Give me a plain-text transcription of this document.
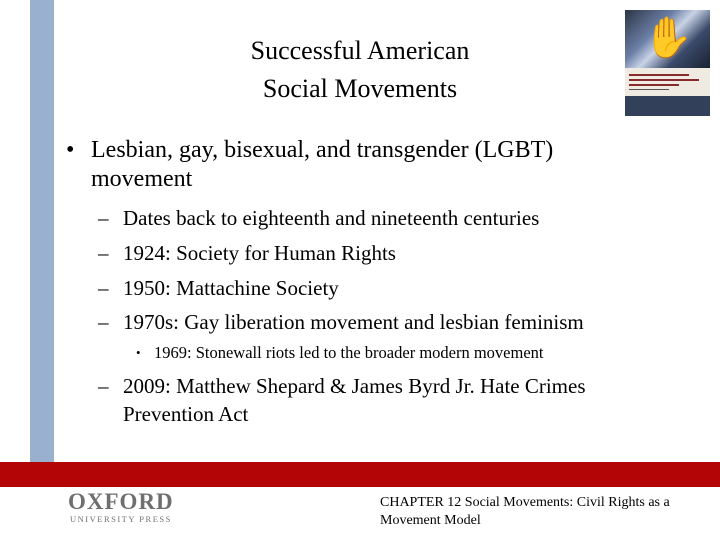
Successful American
Social Movements
✋
• Lesbian, gay, bisexual, and transgender (LGBT) movement
– Dates back to eighteenth and nineteenth centuries
– 1924: Society for Human Rights
– 1950: Mattachine Society
– 1970s: Gay liberation movement and lesbian feminism
• 1969: Stonewall riots led to the broader modern movement
– 2009: Matthew Shepard & James Byrd Jr. Hate Crimes Prevention Act
OXFORD
UNIVERSITY PRESS
CHAPTER 12 Social Movements: Civil Rights as a Movement Model
